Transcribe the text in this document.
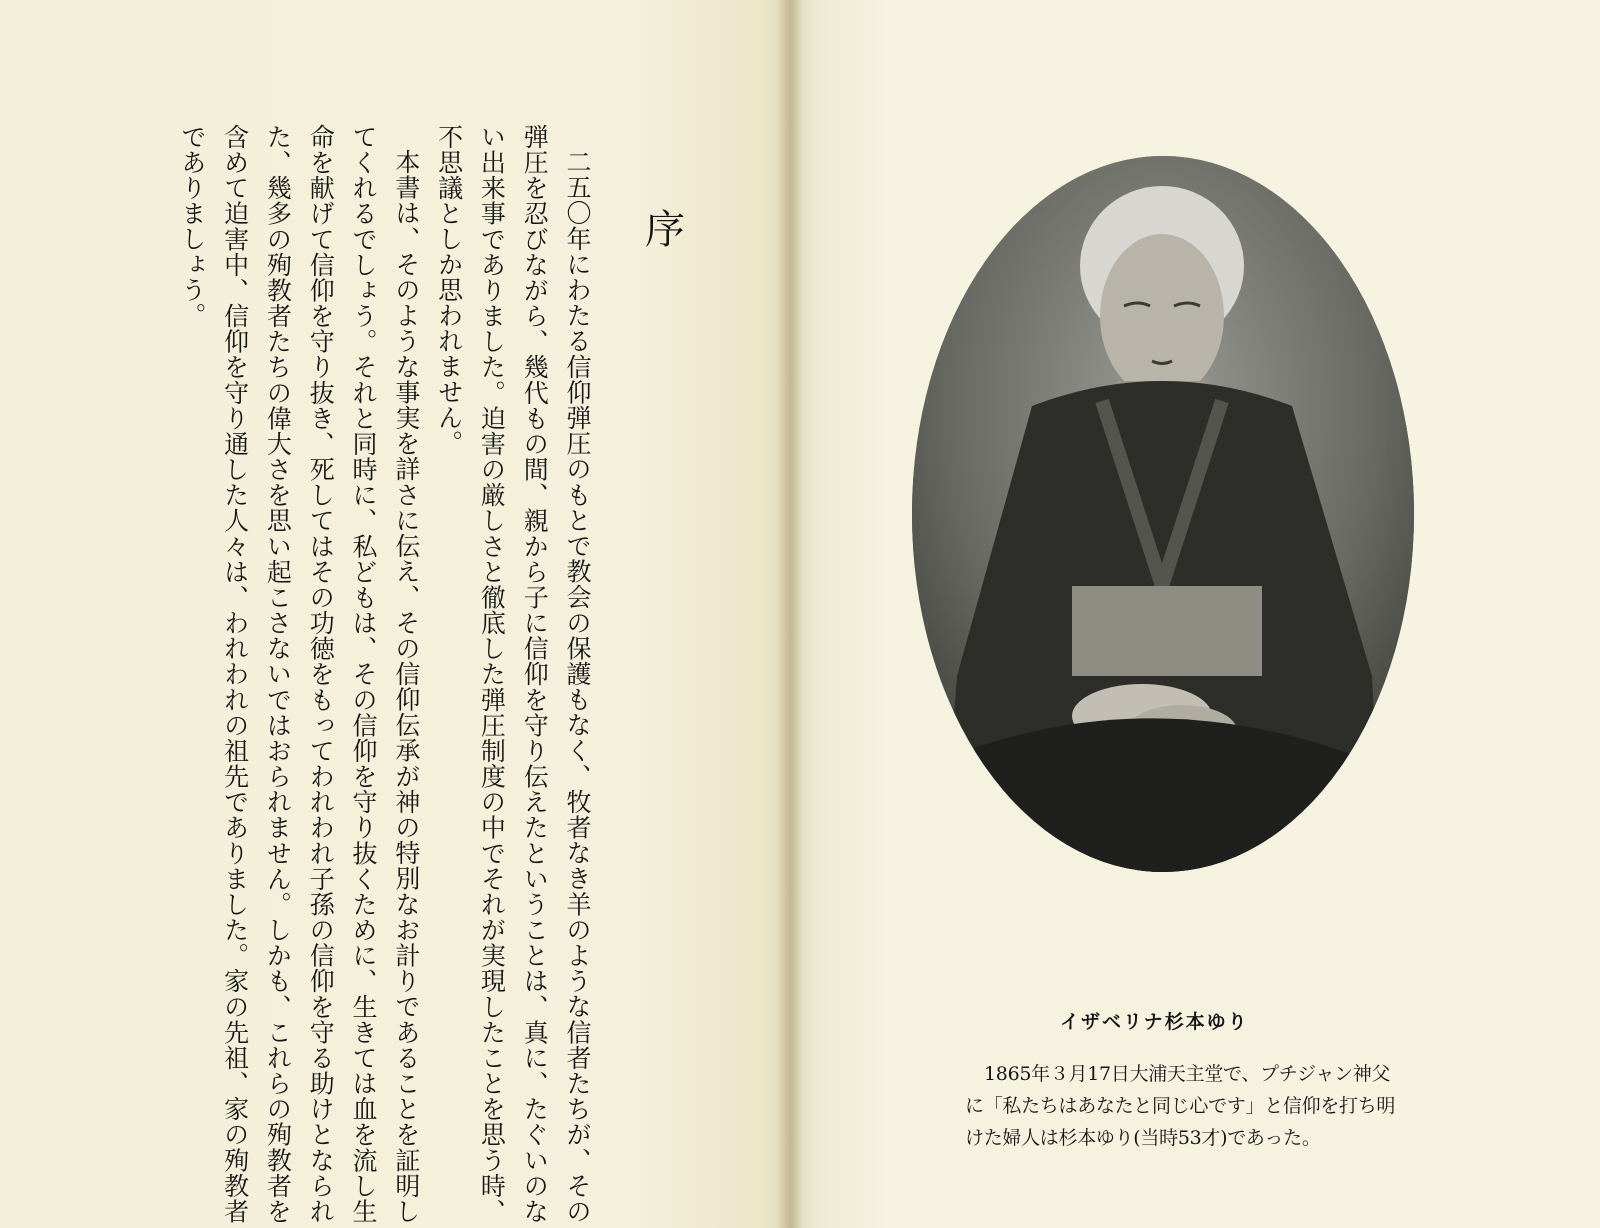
序

二五〇年にわたる信仰弾圧のもとで教会の保護もなく、牧者なき羊のような信者たちが、その弾圧を忍びながら、幾代もの間、親から子に信仰を守り伝えたということは、真に、たぐいのない出来事でありました。迫害の厳しさと徹底した弾圧制度の中でそれが実現したことを思う時、不思議としか思われません。

本書は、そのような事実を詳さに伝え、その信仰伝承が神の特別なお計りであることを証明してくれるでしょう。それと同時に、私どもは、その信仰を守り抜くために、生きては血を流し生命を献げて信仰を守り抜き、死してはその功徳をもってわれわれ子孫の信仰を守る助けとなられた、幾多の殉教者たちの偉大さを思い起こさないではおられません。しかも、これらの殉教者を含めて迫害中、信仰を守り通した人々は、われわれの祖先でありました。家の先祖、家の殉教者でありましょう。

イザベリナ杉本ゆり

1865年３月17日大浦天主堂で、プチジャン神父に「私たちはあなたと同じ心です」と信仰を打ち明けた婦人は杉本ゆり(当時53才)であった。
